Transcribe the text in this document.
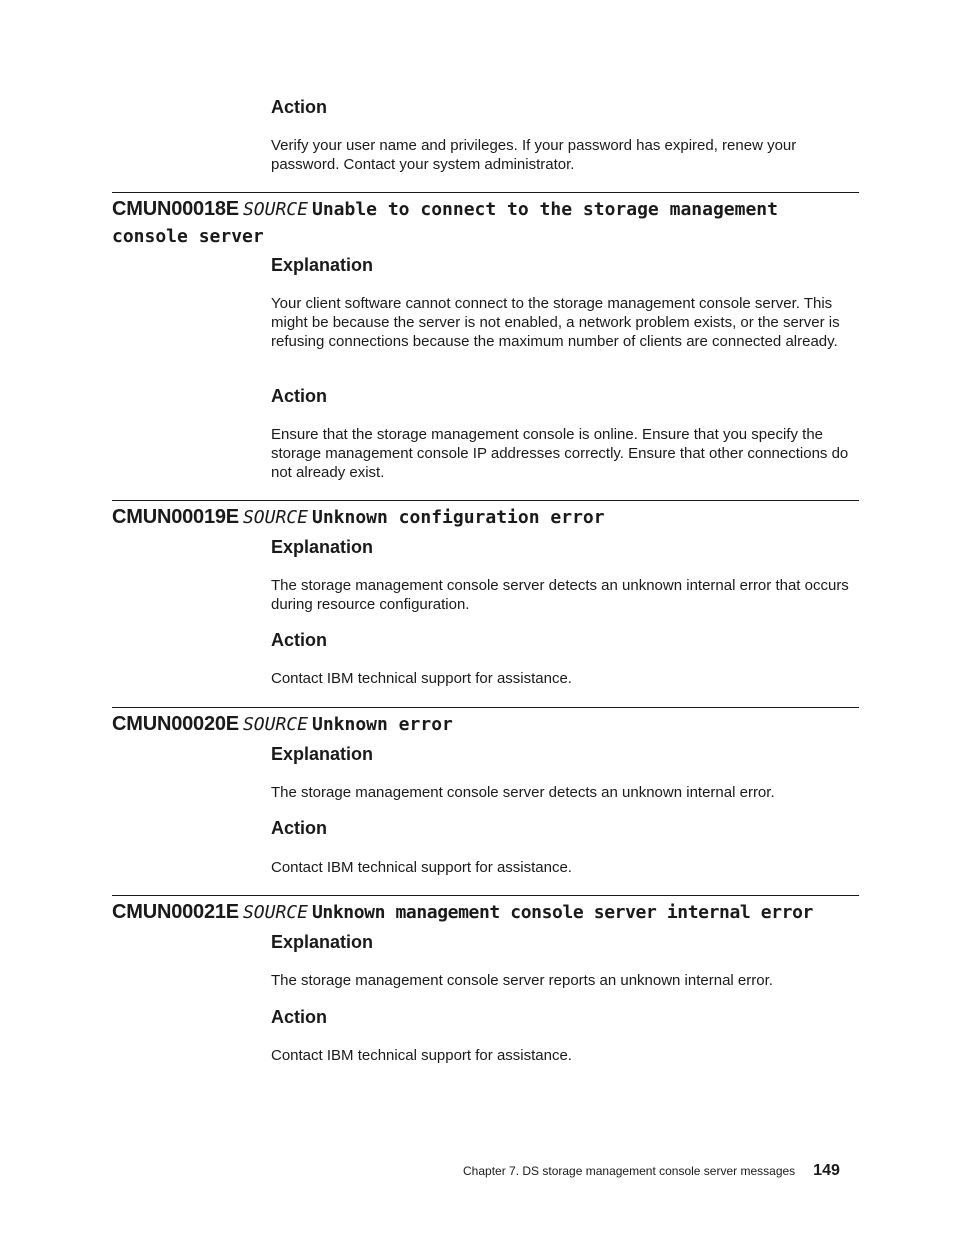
Action

Verify your user name and privileges. If your password has expired, renew your password. Contact your system administrator.

CMUN00018E SOURCE Unable to connect to the storage management console server

Explanation

Your client software cannot connect to the storage management console server. This might be because the server is not enabled, a network problem exists, or the server is refusing connections because the maximum number of clients are connected already.

Action

Ensure that the storage management console is online. Ensure that you specify the storage management console IP addresses correctly. Ensure that other connections do not already exist.

CMUN00019E SOURCE Unknown configuration error

Explanation

The storage management console server detects an unknown internal error that occurs during resource configuration.

Action

Contact IBM technical support for assistance.

CMUN00020E SOURCE Unknown error

Explanation

The storage management console server detects an unknown internal error.

Action

Contact IBM technical support for assistance.

CMUN00021E SOURCE Unknown management console server internal error

Explanation

The storage management console server reports an unknown internal error.

Action

Contact IBM technical support for assistance.

Chapter 7. DS storage management console server messages 149
